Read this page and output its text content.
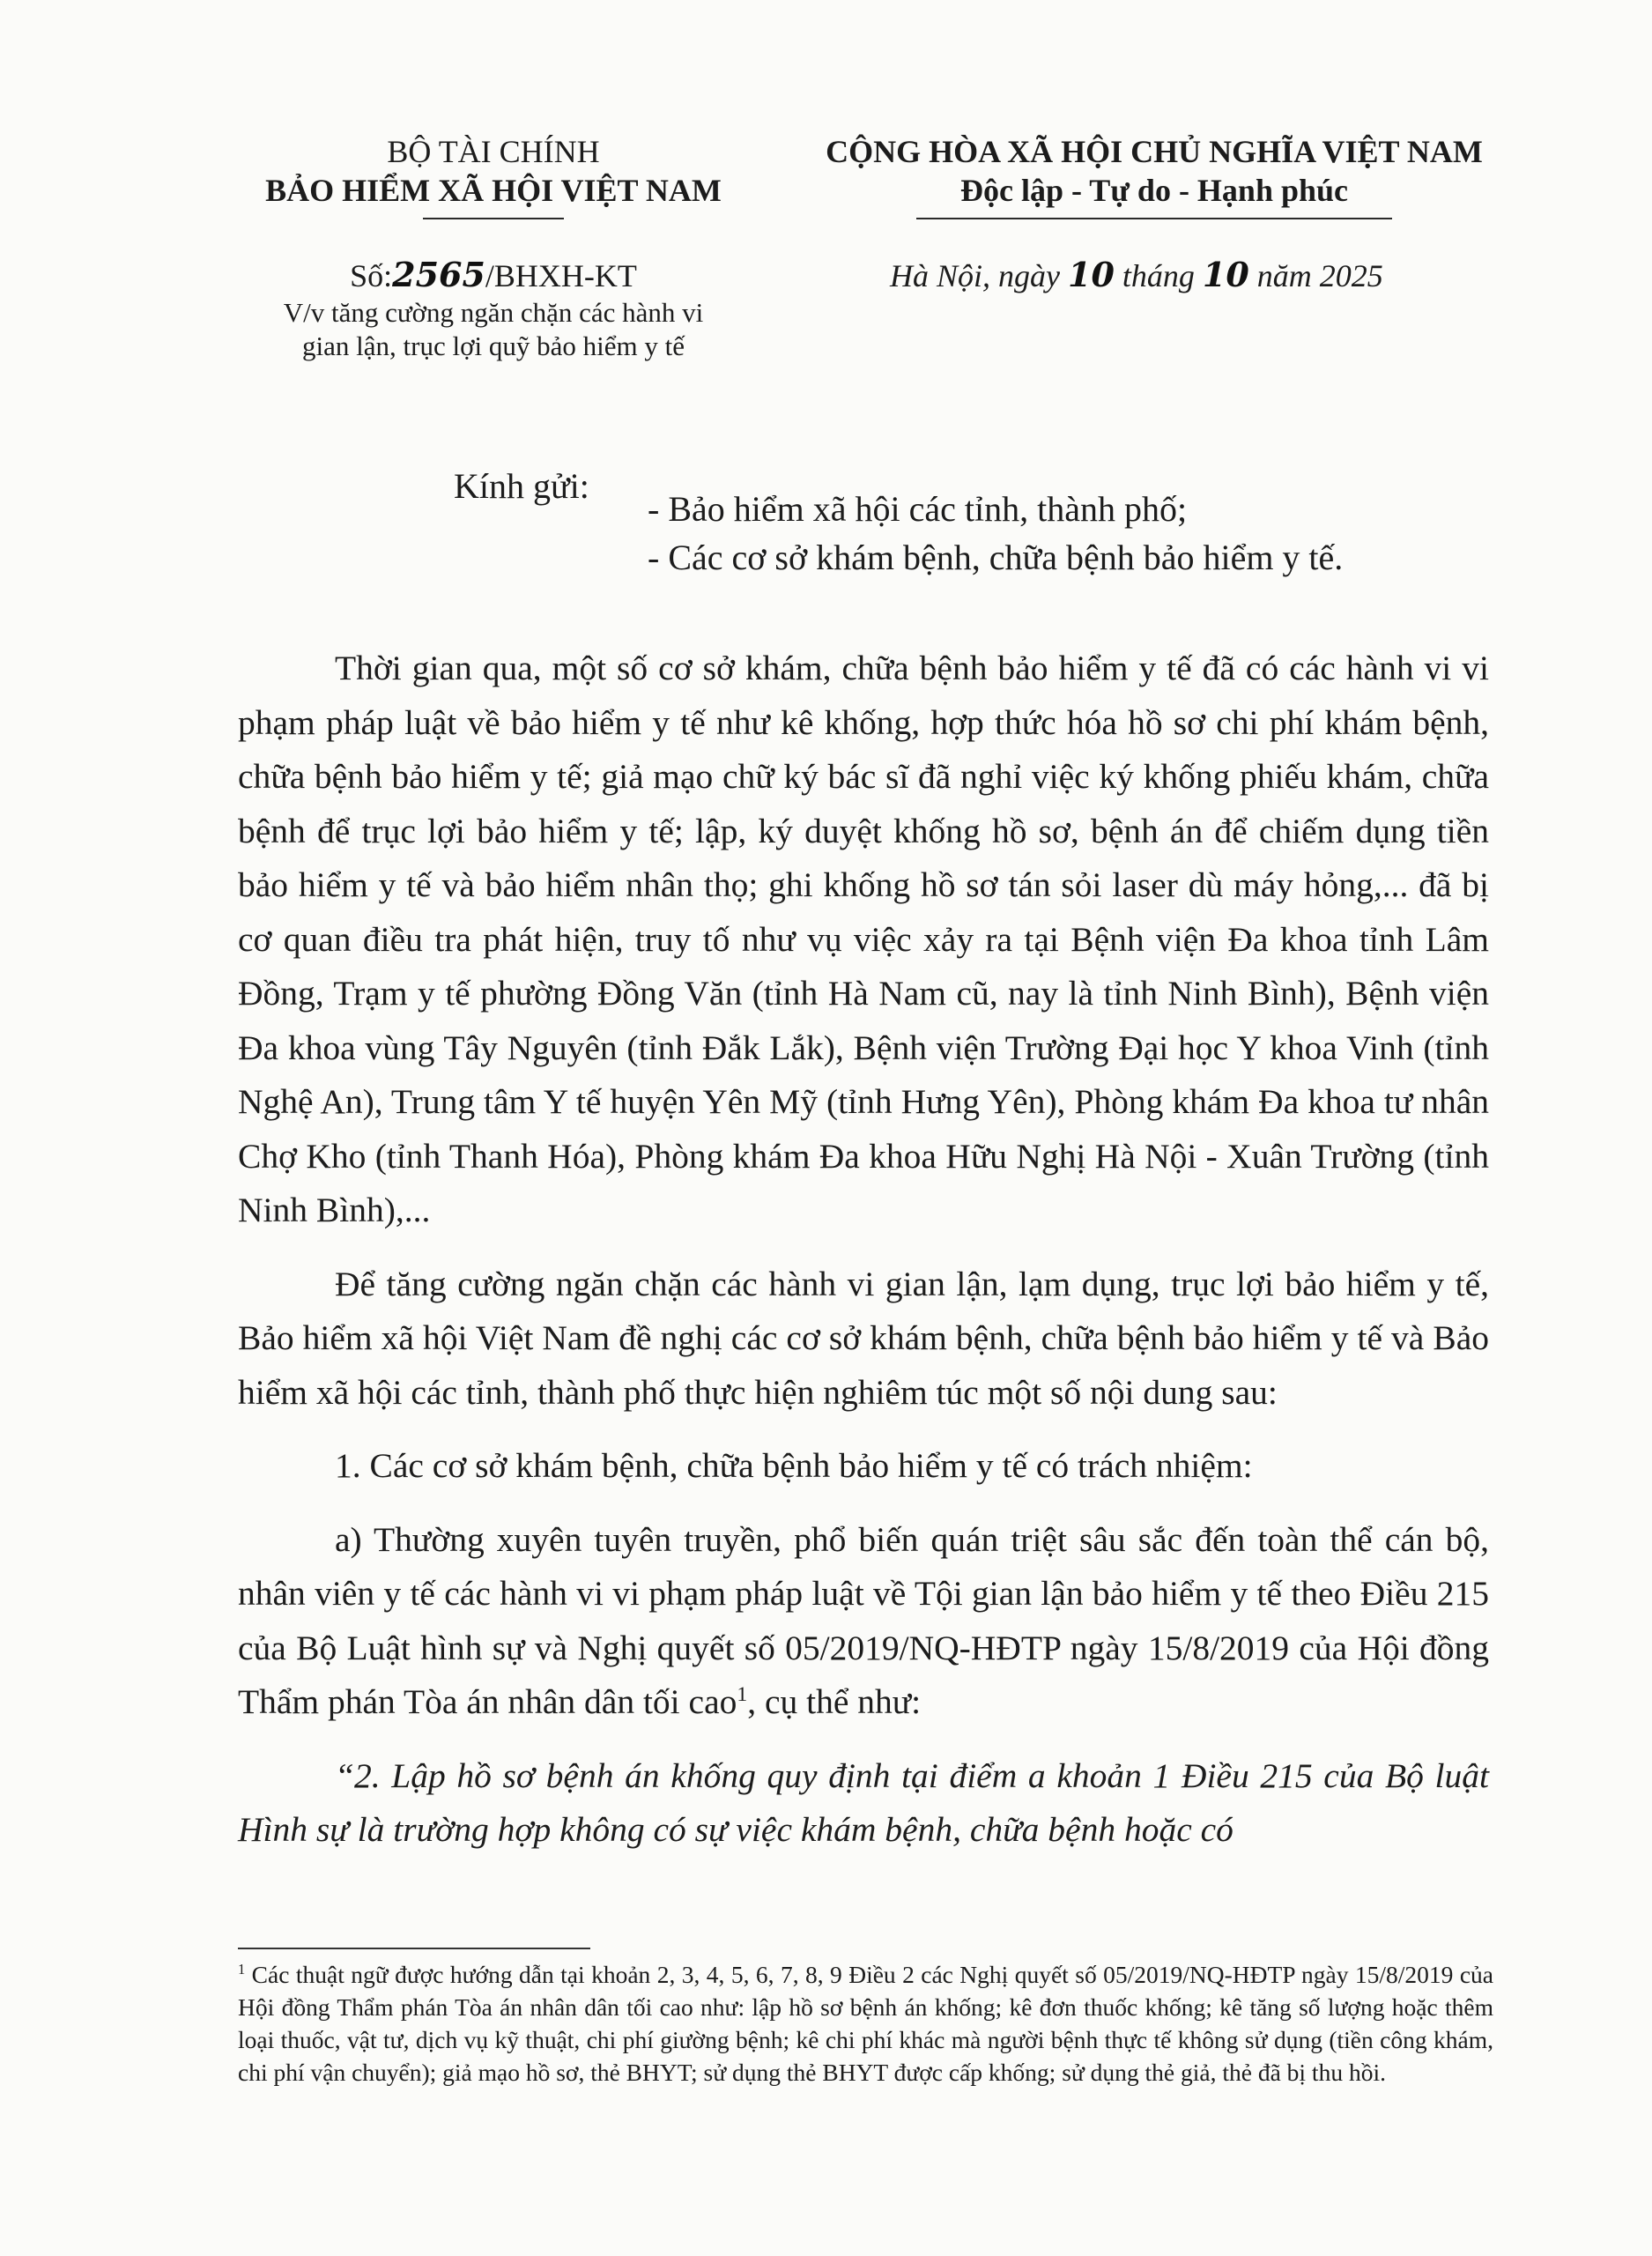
BỘ TÀI CHÍNH
BẢO HIỂM XÃ HỘI VIỆT NAM
Số:2565/BHXH-KT
V/v tăng cường ngăn chặn các hành vi
gian lận, trục lợi quỹ bảo hiểm y tế
CỘNG HÒA XÃ HỘI CHỦ NGHĨA VIỆT NAM
Độc lập - Tự do - Hạnh phúc
Hà Nội, ngày 10 tháng 10 năm 2025
Kính gửi:
- Bảo hiểm xã hội các tỉnh, thành phố;
- Các cơ sở khám bệnh, chữa bệnh bảo hiểm y tế.

Thời gian qua, một số cơ sở khám, chữa bệnh bảo hiểm y tế đã có các hành vi vi phạm pháp luật về bảo hiểm y tế như kê khống, hợp thức hóa hồ sơ chi phí khám bệnh, chữa bệnh bảo hiểm y tế; giả mạo chữ ký bác sĩ đã nghỉ việc ký khống phiếu khám, chữa bệnh để trục lợi bảo hiểm y tế; lập, ký duyệt khống hồ sơ, bệnh án để chiếm dụng tiền bảo hiểm y tế và bảo hiểm nhân thọ; ghi khống hồ sơ tán sỏi laser dù máy hỏng,... đã bị cơ quan điều tra phát hiện, truy tố như vụ việc xảy ra tại Bệnh viện Đa khoa tỉnh Lâm Đồng, Trạm y tế phường Đồng Văn (tỉnh Hà Nam cũ, nay là tỉnh Ninh Bình), Bệnh viện Đa khoa vùng Tây Nguyên (tỉnh Đắk Lắk), Bệnh viện Trường Đại học Y khoa Vinh (tỉnh Nghệ An), Trung tâm Y tế huyện Yên Mỹ (tỉnh Hưng Yên), Phòng khám Đa khoa tư nhân Chợ Kho (tỉnh Thanh Hóa), Phòng khám Đa khoa Hữu Nghị Hà Nội - Xuân Trường (tỉnh Ninh Bình),...

Để tăng cường ngăn chặn các hành vi gian lận, lạm dụng, trục lợi bảo hiểm y tế, Bảo hiểm xã hội Việt Nam đề nghị các cơ sở khám bệnh, chữa bệnh bảo hiểm y tế và Bảo hiểm xã hội các tỉnh, thành phố thực hiện nghiêm túc một số nội dung sau:

1. Các cơ sở khám bệnh, chữa bệnh bảo hiểm y tế có trách nhiệm:

a) Thường xuyên tuyên truyền, phổ biến quán triệt sâu sắc đến toàn thể cán bộ, nhân viên y tế các hành vi vi phạm pháp luật về Tội gian lận bảo hiểm y tế theo Điều 215 của Bộ Luật hình sự và Nghị quyết số 05/2019/NQ-HĐTP ngày 15/8/2019 của Hội đồng Thẩm phán Tòa án nhân dân tối cao$^1$, cụ thể như:

“2. Lập hồ sơ bệnh án khống quy định tại điểm a khoản 1 Điều 215 của Bộ luật Hình sự là trường hợp không có sự việc khám bệnh, chữa bệnh hoặc có

$^1$ Các thuật ngữ được hướng dẫn tại khoản 2, 3, 4, 5, 6, 7, 8, 9 Điều 2 các Nghị quyết số 05/2019/NQ-HĐTP ngày 15/8/2019 của Hội đồng Thẩm phán Tòa án nhân dân tối cao như: lập hồ sơ bệnh án khống; kê đơn thuốc khống; kê tăng số lượng hoặc thêm loại thuốc, vật tư, dịch vụ kỹ thuật, chi phí giường bệnh; kê chi phí khác mà người bệnh thực tế không sử dụng (tiền công khám, chi phí vận chuyển); giả mạo hồ sơ, thẻ BHYT; sử dụng thẻ BHYT được cấp khống; sử dụng thẻ giả, thẻ đã bị thu hồi.
